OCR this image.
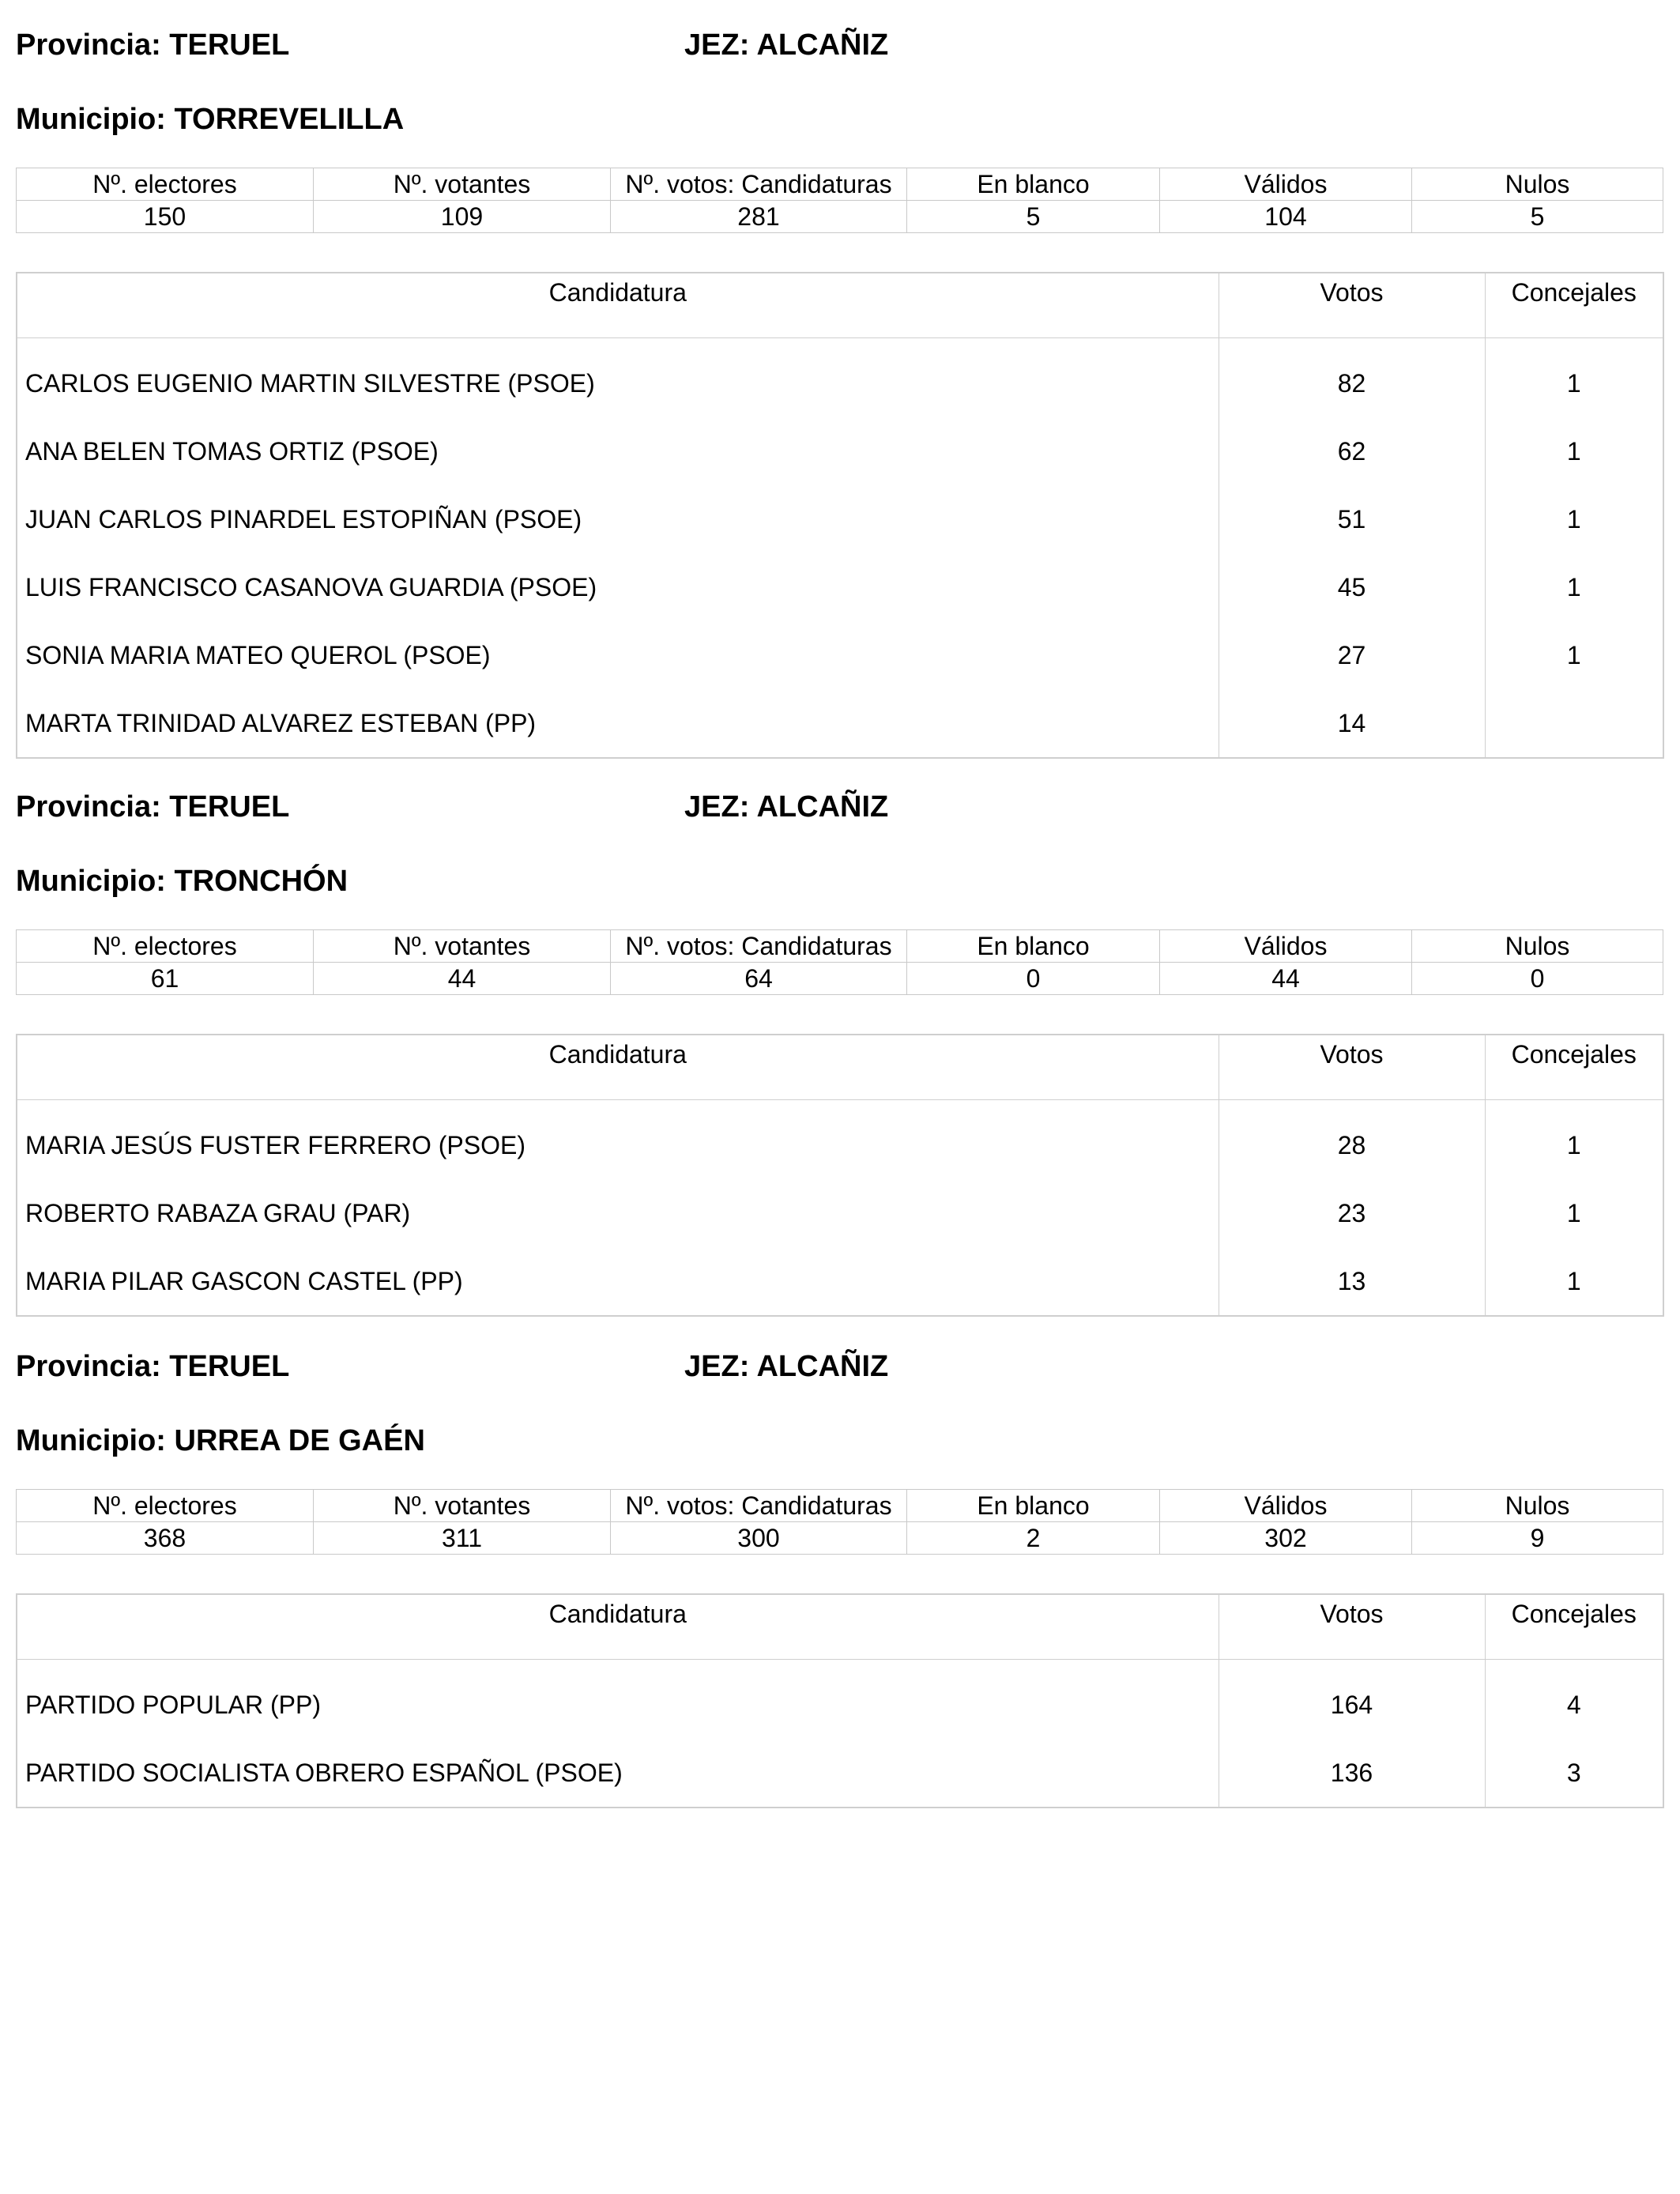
Provincia: TERUEL	JEZ: ALCAÑIZ
Municipio: TORREVELILLA
Nº. electores	Nº. votantes	Nº. votos: Candidaturas	En blanco	Válidos	Nulos
150	109	281	5	104	5
Candidatura	Votos	Concejales

CARLOS EUGENIO MARTIN SILVESTRE (PSOE)	82	1
ANA BELEN TOMAS ORTIZ (PSOE)	62	1
JUAN CARLOS PINARDEL ESTOPIÑAN (PSOE)	51	1
LUIS FRANCISCO CASANOVA GUARDIA (PSOE)	45	1
SONIA MARIA MATEO QUEROL (PSOE)	27	1
MARTA TRINIDAD ALVAREZ ESTEBAN (PP)	14	
Provincia: TERUEL	JEZ: ALCAÑIZ
Municipio: TRONCHÓN
Nº. electores	Nº. votantes	Nº. votos: Candidaturas	En blanco	Válidos	Nulos
61	44	64	0	44	0
Candidatura	Votos	Concejales

MARIA JESÚS FUSTER FERRERO (PSOE)	28	1
ROBERTO RABAZA GRAU (PAR)	23	1
MARIA PILAR GASCON CASTEL (PP)	13	1
Provincia: TERUEL	JEZ: ALCAÑIZ
Municipio: URREA DE GAÉN
Nº. electores	Nº. votantes	Nº. votos: Candidaturas	En blanco	Válidos	Nulos
368	311	300	2	302	9
Candidatura	Votos	Concejales

PARTIDO POPULAR (PP)	164	4
PARTIDO SOCIALISTA OBRERO ESPAÑOL (PSOE)	136	3
